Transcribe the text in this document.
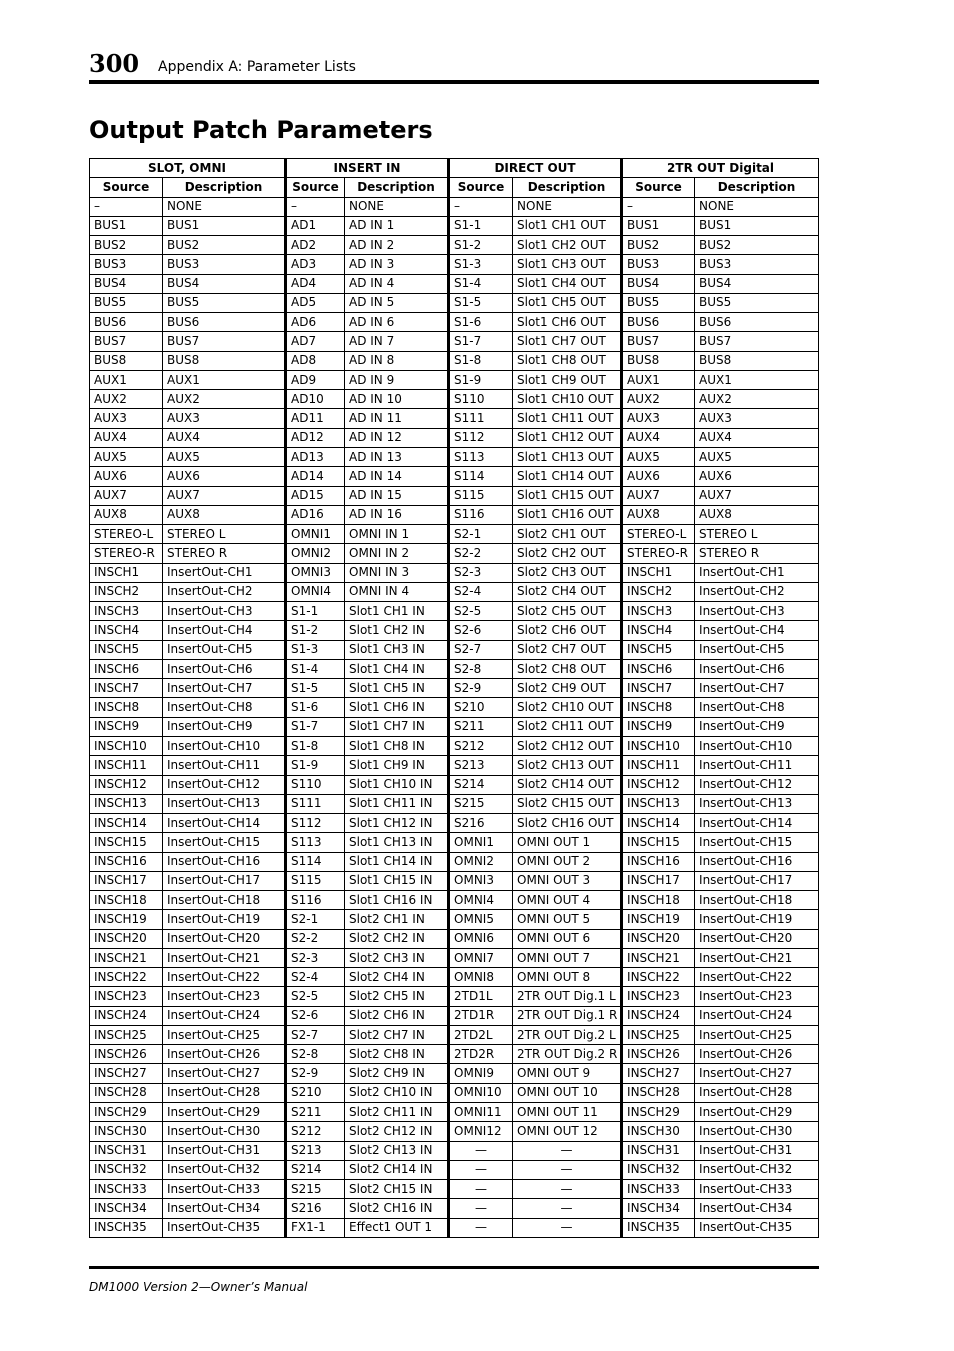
300 Appendix A: Parameter Lists
Output Patch Parameters
SLOT, OMNI		INSERT IN		DIRECT OUT		2TR OUT Digital	
Source	Description	Source	Description	Source	Description	Source	Description
–	NONE	–	NONE	–	NONE	–	NONE
BUS1	BUS1	AD1	AD IN 1	S1-1	Slot1 CH1 OUT	BUS1	BUS1
BUS2	BUS2	AD2	AD IN 2	S1-2	Slot1 CH2 OUT	BUS2	BUS2
BUS3	BUS3	AD3	AD IN 3	S1-3	Slot1 CH3 OUT	BUS3	BUS3
BUS4	BUS4	AD4	AD IN 4	S1-4	Slot1 CH4 OUT	BUS4	BUS4
BUS5	BUS5	AD5	AD IN 5	S1-5	Slot1 CH5 OUT	BUS5	BUS5
BUS6	BUS6	AD6	AD IN 6	S1-6	Slot1 CH6 OUT	BUS6	BUS6
BUS7	BUS7	AD7	AD IN 7	S1-7	Slot1 CH7 OUT	BUS7	BUS7
BUS8	BUS8	AD8	AD IN 8	S1-8	Slot1 CH8 OUT	BUS8	BUS8
AUX1	AUX1	AD9	AD IN 9	S1-9	Slot1 CH9 OUT	AUX1	AUX1
AUX2	AUX2	AD10	AD IN 10	S110	Slot1 CH10 OUT	AUX2	AUX2
AUX3	AUX3	AD11	AD IN 11	S111	Slot1 CH11 OUT	AUX3	AUX3
AUX4	AUX4	AD12	AD IN 12	S112	Slot1 CH12 OUT	AUX4	AUX4
AUX5	AUX5	AD13	AD IN 13	S113	Slot1 CH13 OUT	AUX5	AUX5
AUX6	AUX6	AD14	AD IN 14	S114	Slot1 CH14 OUT	AUX6	AUX6
AUX7	AUX7	AD15	AD IN 15	S115	Slot1 CH15 OUT	AUX7	AUX7
AUX8	AUX8	AD16	AD IN 16	S116	Slot1 CH16 OUT	AUX8	AUX8
STEREO-L	STEREO L	OMNI1	OMNI IN 1	S2-1	Slot2 CH1 OUT	STEREO-L	STEREO L
STEREO-R	STEREO R	OMNI2	OMNI IN 2	S2-2	Slot2 CH2 OUT	STEREO-R	STEREO R
INSCH1	InsertOut-CH1	OMNI3	OMNI IN 3	S2-3	Slot2 CH3 OUT	INSCH1	InsertOut-CH1
INSCH2	InsertOut-CH2	OMNI4	OMNI IN 4	S2-4	Slot2 CH4 OUT	INSCH2	InsertOut-CH2
INSCH3	InsertOut-CH3	S1-1	Slot1 CH1 IN	S2-5	Slot2 CH5 OUT	INSCH3	InsertOut-CH3
INSCH4	InsertOut-CH4	S1-2	Slot1 CH2 IN	S2-6	Slot2 CH6 OUT	INSCH4	InsertOut-CH4
INSCH5	InsertOut-CH5	S1-3	Slot1 CH3 IN	S2-7	Slot2 CH7 OUT	INSCH5	InsertOut-CH5
INSCH6	InsertOut-CH6	S1-4	Slot1 CH4 IN	S2-8	Slot2 CH8 OUT	INSCH6	InsertOut-CH6
INSCH7	InsertOut-CH7	S1-5	Slot1 CH5 IN	S2-9	Slot2 CH9 OUT	INSCH7	InsertOut-CH7
INSCH8	InsertOut-CH8	S1-6	Slot1 CH6 IN	S210	Slot2 CH10 OUT	INSCH8	InsertOut-CH8
INSCH9	InsertOut-CH9	S1-7	Slot1 CH7 IN	S211	Slot2 CH11 OUT	INSCH9	InsertOut-CH9
INSCH10	InsertOut-CH10	S1-8	Slot1 CH8 IN	S212	Slot2 CH12 OUT	INSCH10	InsertOut-CH10
INSCH11	InsertOut-CH11	S1-9	Slot1 CH9 IN	S213	Slot2 CH13 OUT	INSCH11	InsertOut-CH11
INSCH12	InsertOut-CH12	S110	Slot1 CH10 IN	S214	Slot2 CH14 OUT	INSCH12	InsertOut-CH12
INSCH13	InsertOut-CH13	S111	Slot1 CH11 IN	S215	Slot2 CH15 OUT	INSCH13	InsertOut-CH13
INSCH14	InsertOut-CH14	S112	Slot1 CH12 IN	S216	Slot2 CH16 OUT	INSCH14	InsertOut-CH14
INSCH15	InsertOut-CH15	S113	Slot1 CH13 IN	OMNI1	OMNI OUT 1	INSCH15	InsertOut-CH15
INSCH16	InsertOut-CH16	S114	Slot1 CH14 IN	OMNI2	OMNI OUT 2	INSCH16	InsertOut-CH16
INSCH17	InsertOut-CH17	S115	Slot1 CH15 IN	OMNI3	OMNI OUT 3	INSCH17	InsertOut-CH17
INSCH18	InsertOut-CH18	S116	Slot1 CH16 IN	OMNI4	OMNI OUT 4	INSCH18	InsertOut-CH18
INSCH19	InsertOut-CH19	S2-1	Slot2 CH1 IN	OMNI5	OMNI OUT 5	INSCH19	InsertOut-CH19
INSCH20	InsertOut-CH20	S2-2	Slot2 CH2 IN	OMNI6	OMNI OUT 6	INSCH20	InsertOut-CH20
INSCH21	InsertOut-CH21	S2-3	Slot2 CH3 IN	OMNI7	OMNI OUT 7	INSCH21	InsertOut-CH21
INSCH22	InsertOut-CH22	S2-4	Slot2 CH4 IN	OMNI8	OMNI OUT 8	INSCH22	InsertOut-CH22
INSCH23	InsertOut-CH23	S2-5	Slot2 CH5 IN	2TD1L	2TR OUT Dig.1 L	INSCH23	InsertOut-CH23
INSCH24	InsertOut-CH24	S2-6	Slot2 CH6 IN	2TD1R	2TR OUT Dig.1 R	INSCH24	InsertOut-CH24
INSCH25	InsertOut-CH25	S2-7	Slot2 CH7 IN	2TD2L	2TR OUT Dig.2 L	INSCH25	InsertOut-CH25
INSCH26	InsertOut-CH26	S2-8	Slot2 CH8 IN	2TD2R	2TR OUT Dig.2 R	INSCH26	InsertOut-CH26
INSCH27	InsertOut-CH27	S2-9	Slot2 CH9 IN	OMNI9	OMNI OUT 9	INSCH27	InsertOut-CH27
INSCH28	InsertOut-CH28	S210	Slot2 CH10 IN	OMNI10	OMNI OUT 10	INSCH28	InsertOut-CH28
INSCH29	InsertOut-CH29	S211	Slot2 CH11 IN	OMNI11	OMNI OUT 11	INSCH29	InsertOut-CH29
INSCH30	InsertOut-CH30	S212	Slot2 CH12 IN	OMNI12	OMNI OUT 12	INSCH30	InsertOut-CH30
INSCH31	InsertOut-CH31	S213	Slot2 CH13 IN	—	—	INSCH31	InsertOut-CH31
INSCH32	InsertOut-CH32	S214	Slot2 CH14 IN	—	—	INSCH32	InsertOut-CH32
INSCH33	InsertOut-CH33	S215	Slot2 CH15 IN	—	—	INSCH33	InsertOut-CH33
INSCH34	InsertOut-CH34	S216	Slot2 CH16 IN	—	—	INSCH34	InsertOut-CH34
INSCH35	InsertOut-CH35	FX1-1	Effect1 OUT 1	—	—	INSCH35	InsertOut-CH35
DM1000 Version 2—Owner’s Manual
